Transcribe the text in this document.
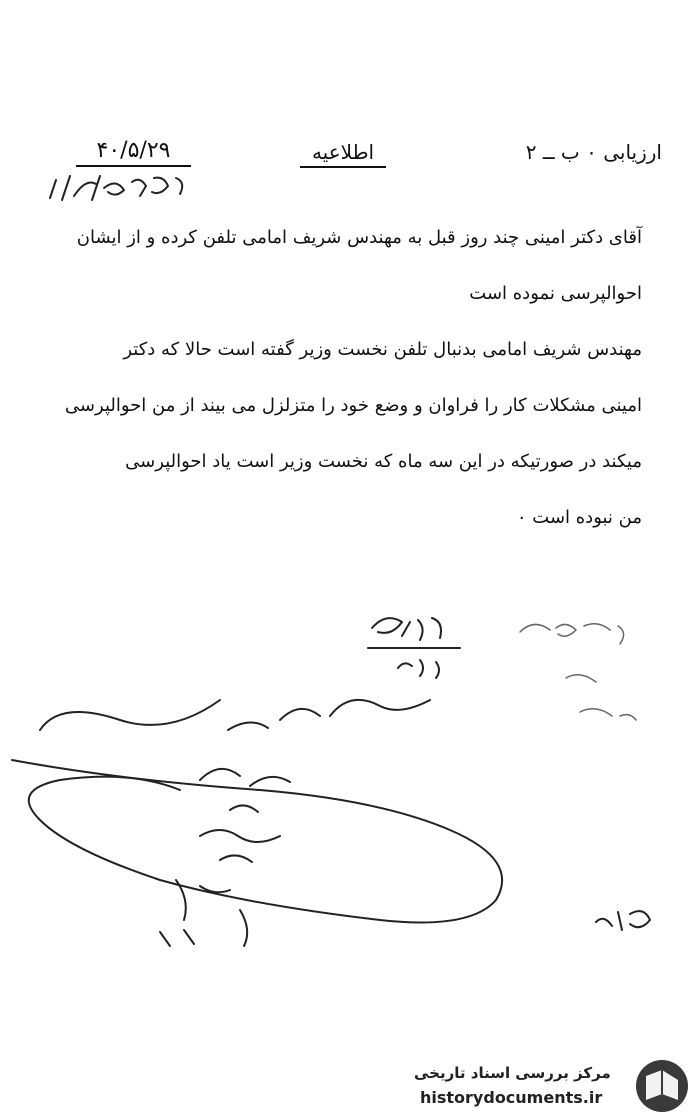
ارزیابی ۰ ب ــ ۲
اطلاعیه
۴۰/۵/۲۹
آقای دکتر امینی چند روز قبل به مهندس شریف امامی تلفن کرده و از ایشان
احوالپرسی نموده است
مهندس شریف امامی بدنبال تلفن نخست وزیر گفته است حالا که دکتر
امینی مشکلات کار را فراوان و وضع خود را متزلزل می بیند از من احوالپرسی
میکند در صورتیکه در این سه ماه که نخست وزیر است یاد احوالپرسی
من نبوده است ۰
مرکز بررسی اسناد تاریخی
historydocuments.ir
